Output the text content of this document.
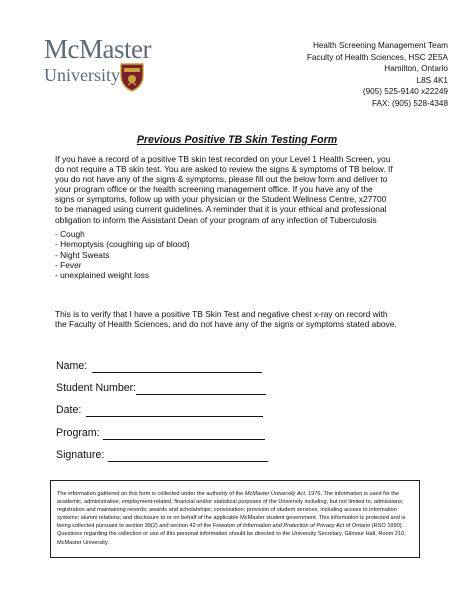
McMaster
University
Health Screening Management Team
Faculty of Health Sciences, HSC 2E5A
Hamilton, Ontario
L8S 4K1
(905) 525-9140 x22249
FAX: (905) 528-4348
Previous Positive TB Skin Testing Form
If you have a record of a positive TB skin test recorded on your Level 1 Health Screen, you
do not require a TB skin test. You are asked to review the signs & symptoms of TB below. If
you do not have any of the signs & symptoms, please fill out the below form and deliver to
your program office or the health screening management office. If you have any of the
signs or symptoms, follow up with your physician or the Student Wellness Centre, x27700
to be managed using current guidelines. A reminder that it is your ethical and professional
obligation to inform the Assistant Dean of your program of any infection of Tuberculosis
- Cough
- Hemoptysis (coughing up of blood)
- Night Sweats
- Fever
- unexplained weight loss
This is to verify that I have a positive TB Skin Test and negative chest x-ray on record with
the Faculty of Health Sciences, and do not have any of the signs or symptoms stated above.
Name:
Student Number:
Date:
Program:
Signature:
The information gathered on this form is collected under the authority of the McMaster University Act, 1976. The information is used for the
academic, administrative, employment-related, financial and/or statistical purposes of the University including, but not limited to, admissions;
registration and maintaining records; awards and scholarships; convocation; provision of student services, including access to information
systems; alumni relations; and disclosure to or on behalf of the applicable McMaster student government. This information is protected and is
being collected pursuant to section 39(2) and section 42 of the Freedom of Information and Protection of Privacy Act of Ontario (RSO 1990).
Questions regarding the collection or use of this personal information should be directed to the University Secretary, Gilmour Hall, Room 210,
McMaster University.
